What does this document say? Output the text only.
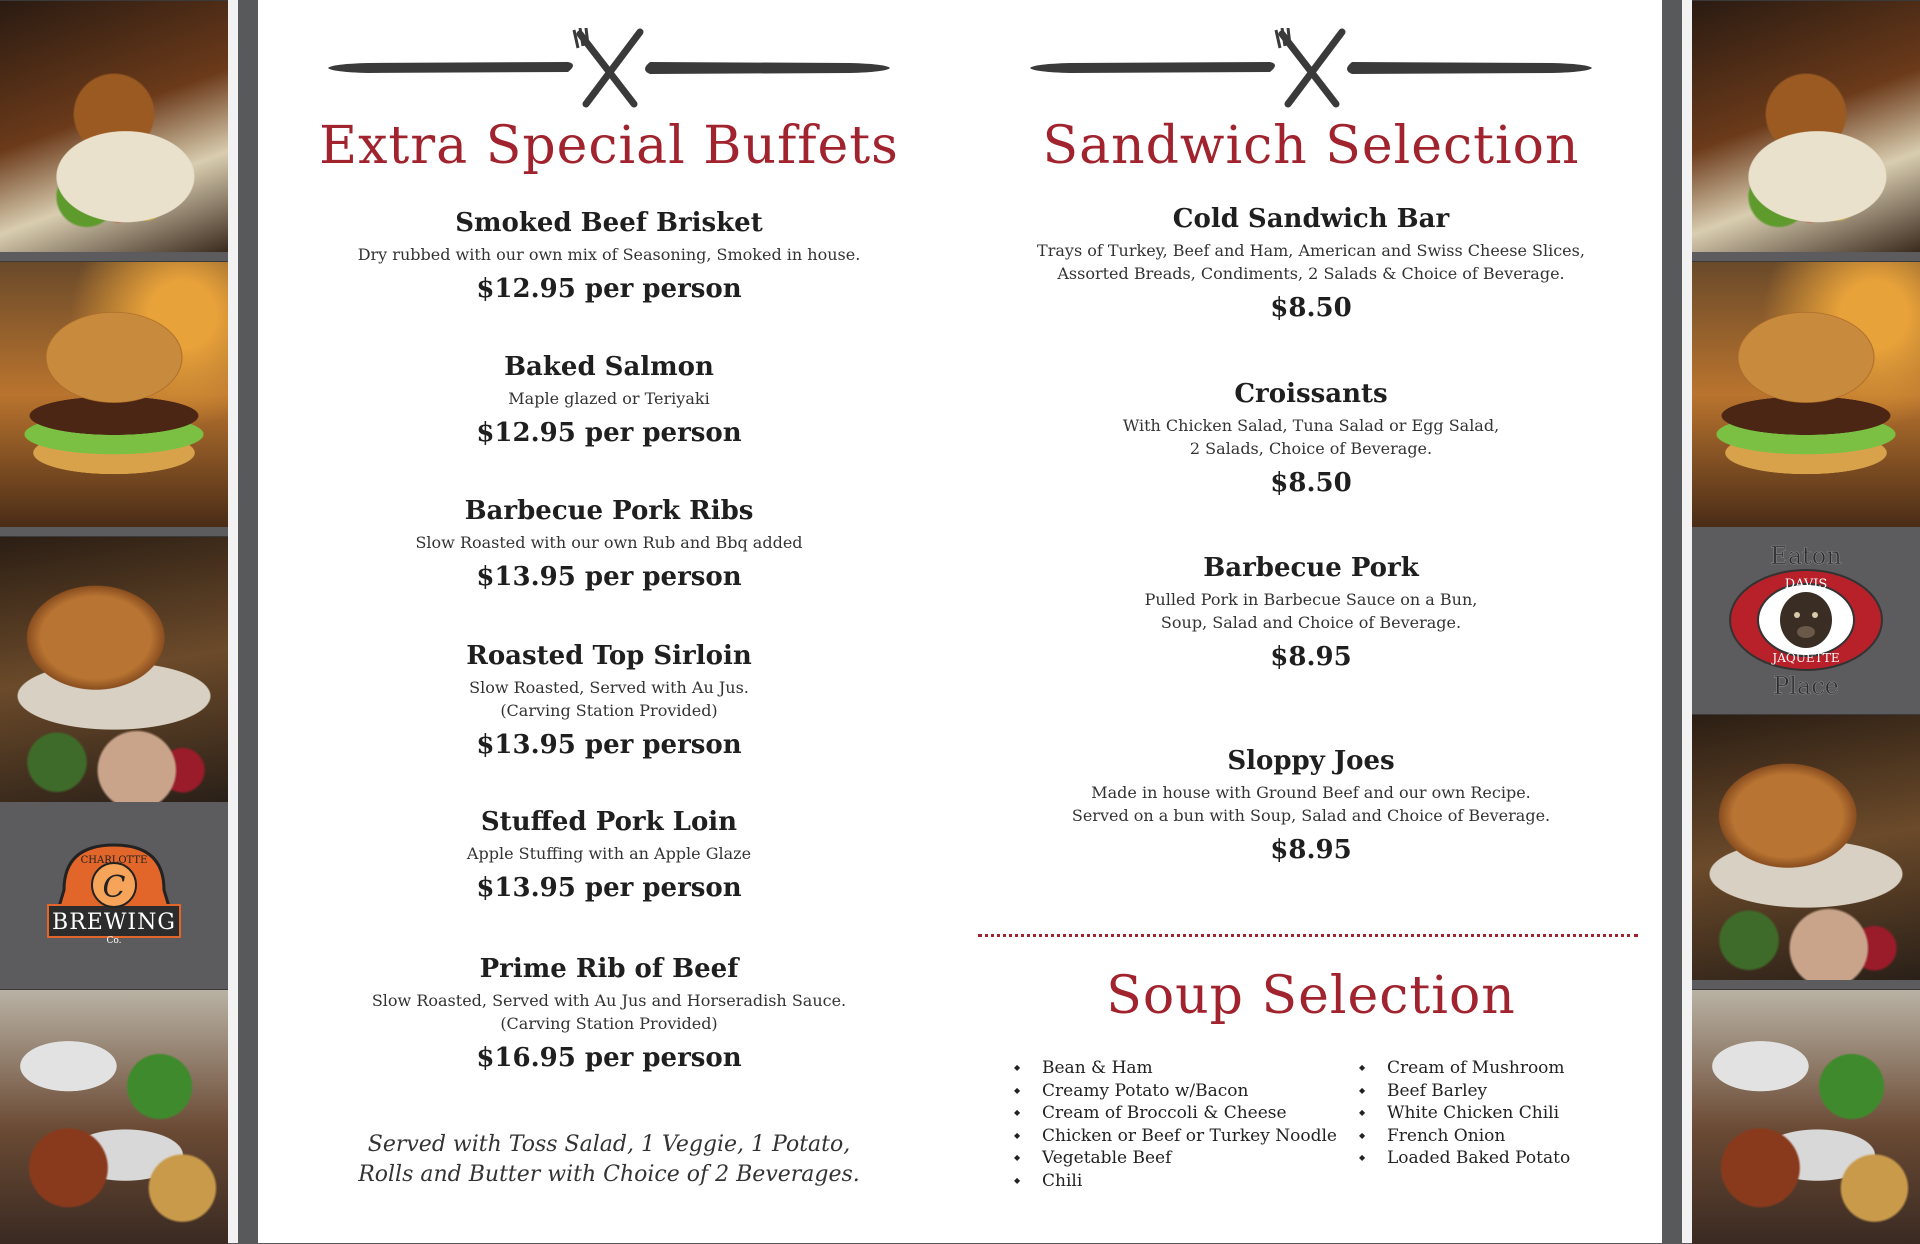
CHARLOTTE
C
BREWING
Co.
Eaton
DAVIS
JAQUETTE
Place
Extra Special Buffets

Smoked Beef Brisket

Dry rubbed with our own mix of Seasoning, Smoked in house.

$12.95 per person

Baked Salmon

Maple glazed or Teriyaki

$12.95 per person

Barbecue Pork Ribs

Slow Roasted with our own Rub and Bbq added

$13.95 per person

Roasted Top Sirloin

Slow Roasted, Served with Au Jus.
(Carving Station Provided)

$13.95 per person

Stuffed Pork Loin

Apple Stuffing with an Apple Glaze

$13.95 per person

Prime Rib of Beef

Slow Roasted, Served with Au Jus and Horseradish Sauce.
(Carving Station Provided)

$16.95 per person

Served with Toss Salad, 1 Veggie, 1 Potato,
Rolls and Butter with Choice of 2 Beverages.
Sandwich Selection

Cold Sandwich Bar

Trays of Turkey, Beef and Ham, American and Swiss Cheese Slices,
Assorted Breads, Condiments, 2 Salads & Choice of Beverage.

$8.50

Croissants

With Chicken Salad, Tuna Salad or Egg Salad,
2 Salads, Choice of Beverage.

$8.50

Barbecue Pork

Pulled Pork in Barbecue Sauce on a Bun,
Soup, Salad and Choice of Beverage.

$8.95

Sloppy Joes

Made in house with Ground Beef and our own Recipe.
Served on a bun with Soup, Salad and Choice of Beverage.

$8.95

Soup Selection
◆ Bean & Ham
◆ Creamy Potato w/Bacon
◆ Cream of Broccoli & Cheese
◆ Chicken or Beef or Turkey Noodle
◆ Vegetable Beef
◆ Chili
◆ Cream of Mushroom
◆ Beef Barley
◆ White Chicken Chili
◆ French Onion
◆ Loaded Baked Potato
